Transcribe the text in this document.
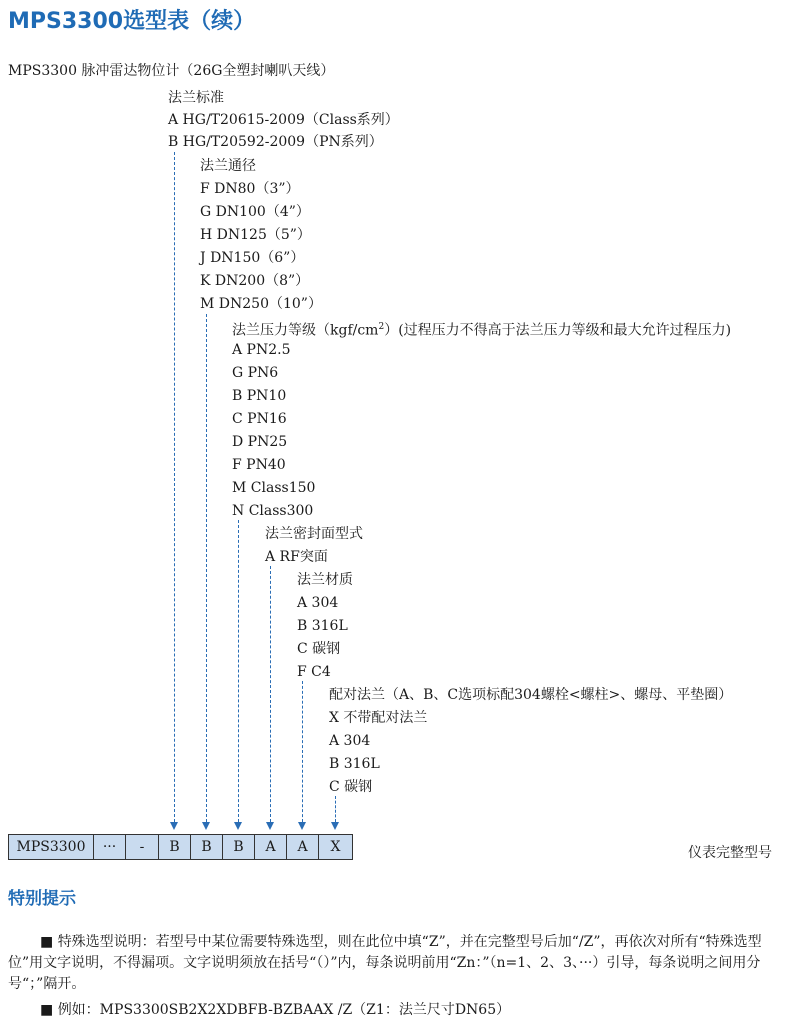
MPS3300选型表（续）
MPS3300 脉冲雷达物位计（26G全塑封喇叭天线）
法兰标准
A HG/T20615-2009（Class系列）
B HG/T20592-2009（PN系列）
法兰通径
F DN80（3”）
G DN100（4”）
H DN125（5”）
J DN150（6”）
K DN200（8”）
M DN250（10”）
法兰压力等级$(kgf/cm^2)$(过程压力不得高于法兰压力等级和最大允许过程压力)
A PN2.5
G PN6
B PN10
C PN16
D PN25
F PN40
M Class150
N Class300
法兰密封面型式
A RF突面
法兰材质
A 304
B 316L
C 碳钢
F C4
配对法兰（A、B、C选项标配304螺栓<螺柱>、螺母、平垫圈）
X 不带配对法兰
A 304
B 316L
C 碳钢
MPS3300	···	-	B	B	B	A	A	X	仪表完整型号
特别提示
■ 特殊选型说明：若型号中某位需要特殊选型，则在此位中填“Z”，并在完整型号后加“/Z”，再依次对所有“特殊选型位”用文字说明，不得漏项。文字说明须放在括号“（）”内，每条说明前用“Zn：”（n=1、2、3、···）引导，每条说明之间用分号“；”隔开。
■ 例如：MPS3300SB2X2XDBFB-BZBAAX /Z（Z1：法兰尺寸DN65）
